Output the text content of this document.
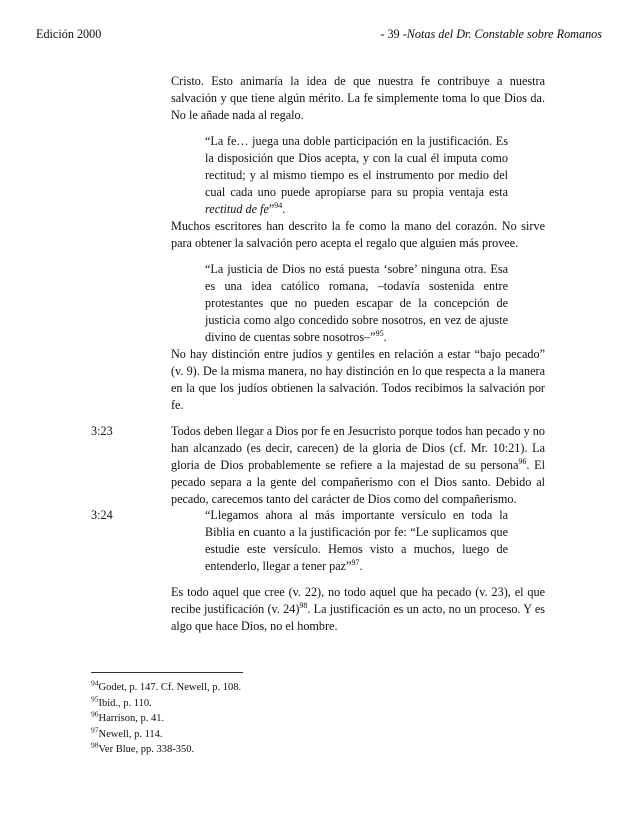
Edición 2000	- 39 -Notas del Dr. Constable sobre Romanos

Cristo. Esto animaría la idea de que nuestra fe contribuye a nuestra salvación y que tiene algún mérito. La fe simplemente toma lo que Dios da. No le añade nada al regalo.

“La fe… juega una doble participación en la justificación. Es la disposición que Dios acepta, y con la cual él imputa como rectitud; y al mismo tiempo es el instrumento por medio del cual cada uno puede apropiarse para su propia ventaja esta rectitud de fe”$^{94}$.

Muchos escritores han descrito la fe como la mano del corazón. No sirve para obtener la salvación pero acepta el regalo que alguien más provee.

“La justicia de Dios no está puesta ‘sobre’ ninguna otra. Esa es una idea católico romana, –todavía sostenida entre protestantes que no pueden escapar de la concepción de justicia como algo concedido sobre nosotros, en vez de ajuste divino de cuentas sobre nosotros–”$^{95}$.

No hay distinción entre judíos y gentiles en relación a estar “bajo pecado” (v. 9). De la misma manera, no hay distinción en lo que respecta a la manera en la que los judíos obtienen la salvación. Todos recibimos la salvación por fe.

3:23	Todos deben llegar a Dios por fe en Jesucristo porque todos han pecado y no han alcanzado (es decir, carecen) de la gloria de Dios (cf. Mr. 10:21). La gloria de Dios probablemente se refiere a la majestad de su persona$^{96}$. El pecado separa a la gente del compañerismo con el Dios santo. Debido al pecado, carecemos tanto del carácter de Dios como del compañerismo.

3:24	“Llegamos ahora al más importante versículo en toda la Biblia en cuanto a la justificación por fe: “Le suplicamos que estudie este versículo. Hemos visto a muchos, luego de entenderlo, llegar a tener paz”$^{97}$.

Es todo aquel que cree (v. 22), no todo aquel que ha pecado (v. 23), el que recibe justificación (v. 24)$^{98}$. La justificación es un acto, no un proceso. Y es algo que hace Dios, no el hombre.

$^{94}$Godet, p. 147. Cf. Newell, p. 108.
$^{95}$Ibid., p. 110.
$^{96}$Harrison, p. 41.
$^{97}$Newell, p. 114.
$^{98}$Ver Blue, pp. 338-350.
